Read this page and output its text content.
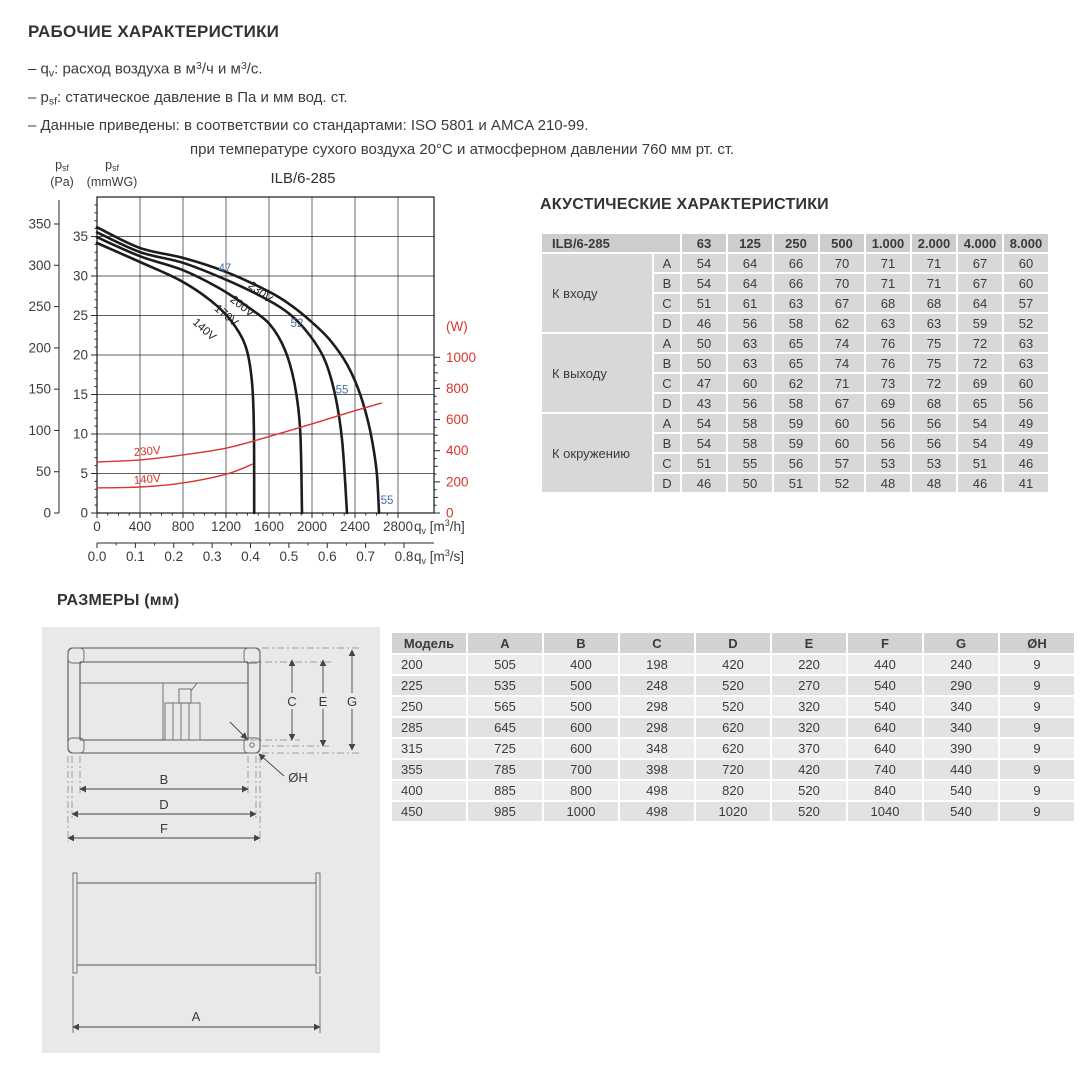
РАБОЧИЕ ХАРАКТЕРИСТИКИ
– $q_v$: расход воздуха в $м^3/ч$ и $м^3/с$.
– $p_{sf}$: статическое давление в Па и мм вод. ст.
– Данные приведены: в соответствии со стандартами: ISO 5801 и AMCA 210-99.
при температуре сухого воздуха 20°C и атмосферном давлении 760 мм рт. ст.
$p_{sf}$
(Pa)
$p_{sf}$
(mmWG)	ILB/6-285
0
50
100
150
200
250
300
350
0
5
10
15
20
25
30
35
0 400 800 1200 1600 2000 2400 2800 $q_v$ $[m^3/h]$
0.0 0.1 0.2 0.3 0.4 0.5 0.6 0.7 0.8 $q_v$ $[m^3/s]$
0
200
400
600
800
1000
47
52
55
55
230V
200V
170V
140V
230V
140V
(W)
АКУСТИЧЕСКИЕ ХАРАКТЕРИСТИКИ
ILB/6-285		63	125	250	500	1.000	2.000	4.000	8.000
К входу	A	54	64	66	70	71	71	67	60
	B	54	64	66	70	71	71	67	60
	C	51	61	63	67	68	68	64	57
	D	46	56	58	62	63	63	59	52
К выходу	A	50	63	65	74	76	75	72	63
	B	50	63	65	74	76	75	72	63
	C	47	60	62	71	73	72	69	60
	D	43	56	58	67	69	68	65	56
К окружению	A	54	58	59	60	56	56	54	49
	B	54	58	59	60	56	56	54	49
	C	51	55	56	57	53	53	51	46
	D	46	50	51	52	48	48	46	41
РАЗМЕРЫ (мм)
Модель	A	B	C	D	E	F	G	ØH
200	505	400	198	420	220	440	240	9
225	535	500	248	520	270	540	290	9
250	565	500	298	520	320	540	340	9
285	645	600	298	620	320	640	340	9
315	725	600	348	620	370	640	390	9
355	785	700	398	720	420	740	440	9
400	885	800	498	820	520	840	540	9
450	985	1000	498	1020	520	1040	540	9
C E G
ØH
B
D
F
A
